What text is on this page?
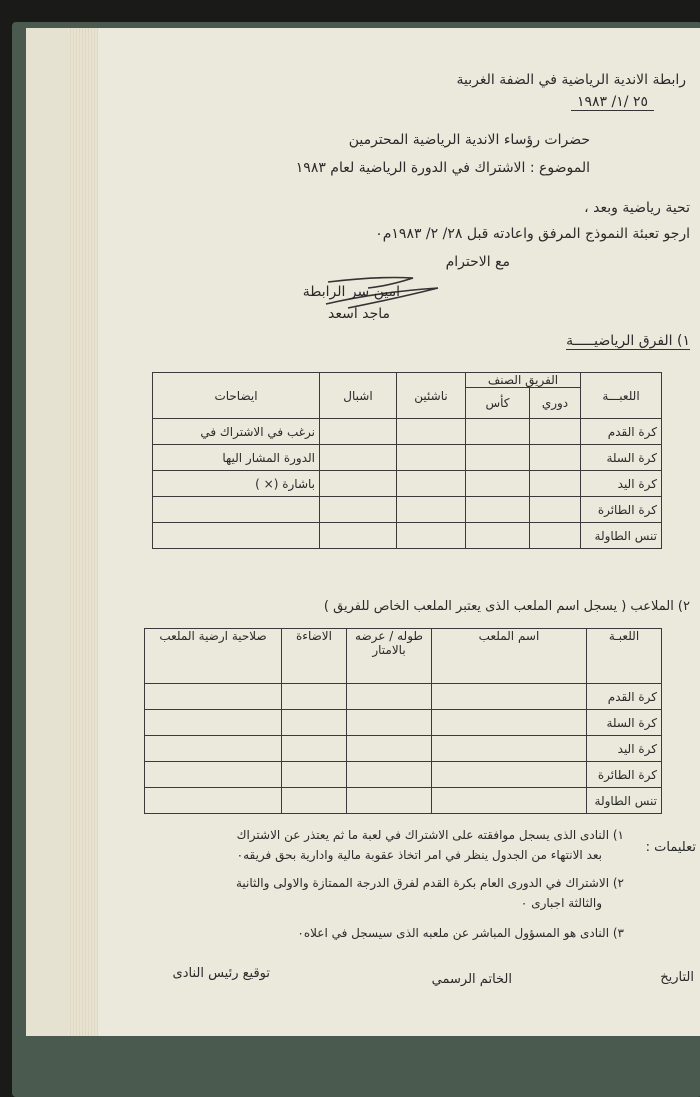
رابطة الاندية الرياضية في الضفة الغربية
٢٥ /١/ ١٩٨٣
حضرات رؤساء الاندية الرياضية المحترمين
الموضوع : الاشتراك في الدورة الرياضية لعام ١٩٨٣
تحية رياضية وبعد ،
ارجو تعبئة النموذج المرفق واعادته قبل ٢٨/ ٢/ ١٩٨٣م٠
مع الاحترام
امين سر الرابطة
ماجد اسعد
١) الفرق الرياضيـــــة
اللعبـــة	الفريق الصنف		ناشئين	اشبال	ايضاحات
	دوري	كأس			
كرة القدم					نرغب في الاشتراك في
كرة السلة					الدورة المشار اليها
كرة اليد					باشارة (× )
كرة الطائرة					
تنس الطاولة					
٢) الملاعب ( يسجل اسم الملعب الذى يعتبر الملعب الخاص للفريق )
اللعبـة	اسم الملعب	طوله / عرضه
بالامتار	الاضاءة	صلاحية ارضية الملعب
كرة القدم				
كرة السلة				
كرة اليد				
كرة الطائرة				
تنس الطاولة				
تعليمات :
١) النادى الذى يسجل موافقته على الاشتراك في لعبة ما ثم يعتذر عن الاشتراك
بعد الانتهاء من الجدول ينظر في امر اتخاذ عقوبة مالية وادارية بحق فريقه٠
٢) الاشتراك في الدورى العام بكرة القدم لفرق الدرجة الممتازة والاولى والثانية
والثالثة اجبارى ٠
٣) النادى هو المسؤول المباشر عن ملعبه الذى سيسجل في اعلاه٠
التاريخ
الخاتم الرسمي
توقيع رئيس النادى
